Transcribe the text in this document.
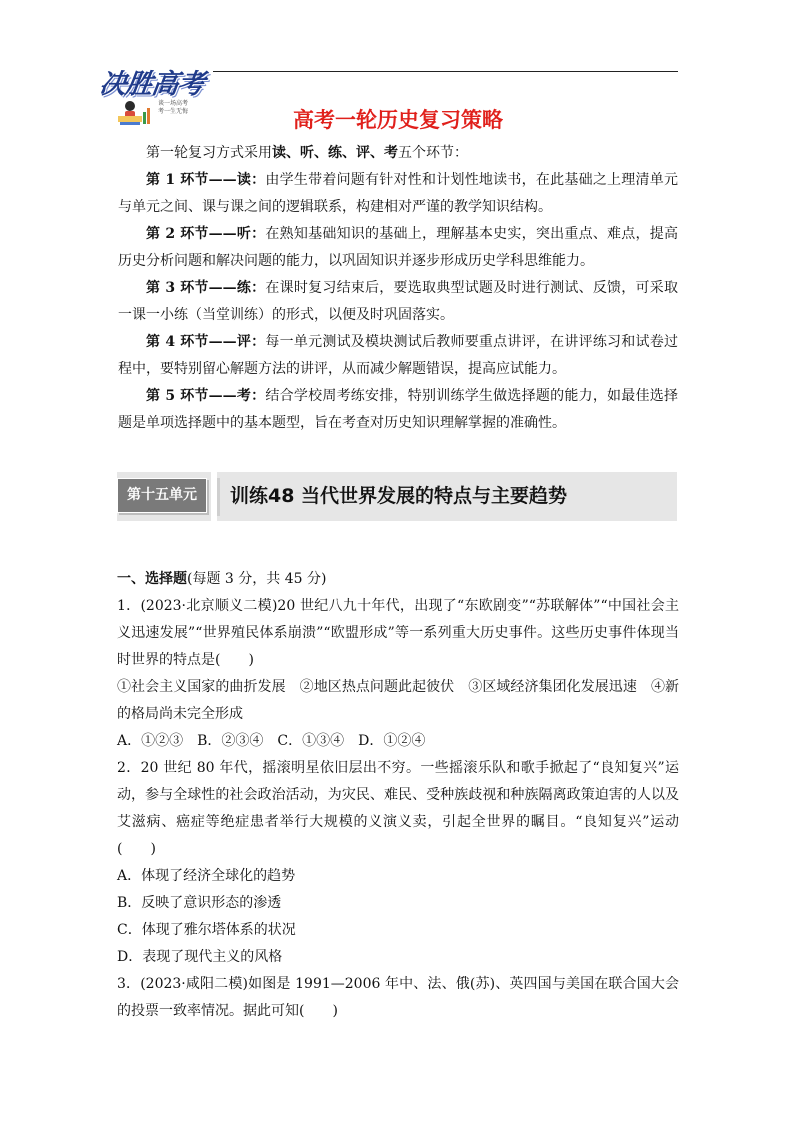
决胜高考
谈一场高考
考一生无悔	高考一轮历史复习策略

第一轮复习方式采用读、听、练、评、考五个环节：

第 1 环节——读：由学生带着问题有针对性和计划性地读书，在此基础之上理清单元与单元之间、课与课之间的逻辑联系，构建相对严谨的教学知识结构。

第 2 环节——听：在熟知基础知识的基础上，理解基本史实，突出重点、难点，提高历史分析问题和解决问题的能力，以巩固知识并逐步形成历史学科思维能力。

第 3 环节——练：在课时复习结束后，要选取典型试题及时进行测试、反馈，可采取一课一小练（当堂训练）的形式，以便及时巩固落实。

第 4 环节——评：每一单元测试及模块测试后教师要重点讲评，在讲评练习和试卷过程中，要特别留心解题方法的讲评，从而减少解题错误，提高应试能力。

第 5 环节——考：结合学校周考练安排，特别训练学生做选择题的能力，如最佳选择题是单项选择题中的基本题型，旨在考查对历史知识理解掌握的准确性。

第十五单元	训练48 当代世界发展的特点与主要趋势

一、选择题(每题 3 分，共 45 分)

1．(2023·北京顺义二模)20 世纪八九十年代，出现了“东欧剧变”“苏联解体”“中国社会主义迅速发展”“世界殖民体系崩溃”“欧盟形成”等一系列重大历史事件。这些历史事件体现当时世界的特点是(　　)

①社会主义国家的曲折发展　②地区热点问题此起彼伏　③区域经济集团化发展迅速　④新的格局尚未完全形成

A．①②③　B．②③④　C．①③④　D．①②④

2．20 世纪 80 年代，摇滚明星依旧层出不穷。一些摇滚乐队和歌手掀起了“良知复兴”运动，参与全球性的社会政治活动，为灾民、难民、受种族歧视和种族隔离政策迫害的人以及艾滋病、癌症等绝症患者举行大规模的义演义卖，引起全世界的瞩目。“良知复兴”运动(　　)

A．体现了经济全球化的趋势

B．反映了意识形态的渗透

C．体现了雅尔塔体系的状况

D．表现了现代主义的风格

3．(2023·咸阳二模)如图是 1991—2006 年中、法、俄(苏)、英四国与美国在联合国大会的投票一致率情况。据此可知(　　)
